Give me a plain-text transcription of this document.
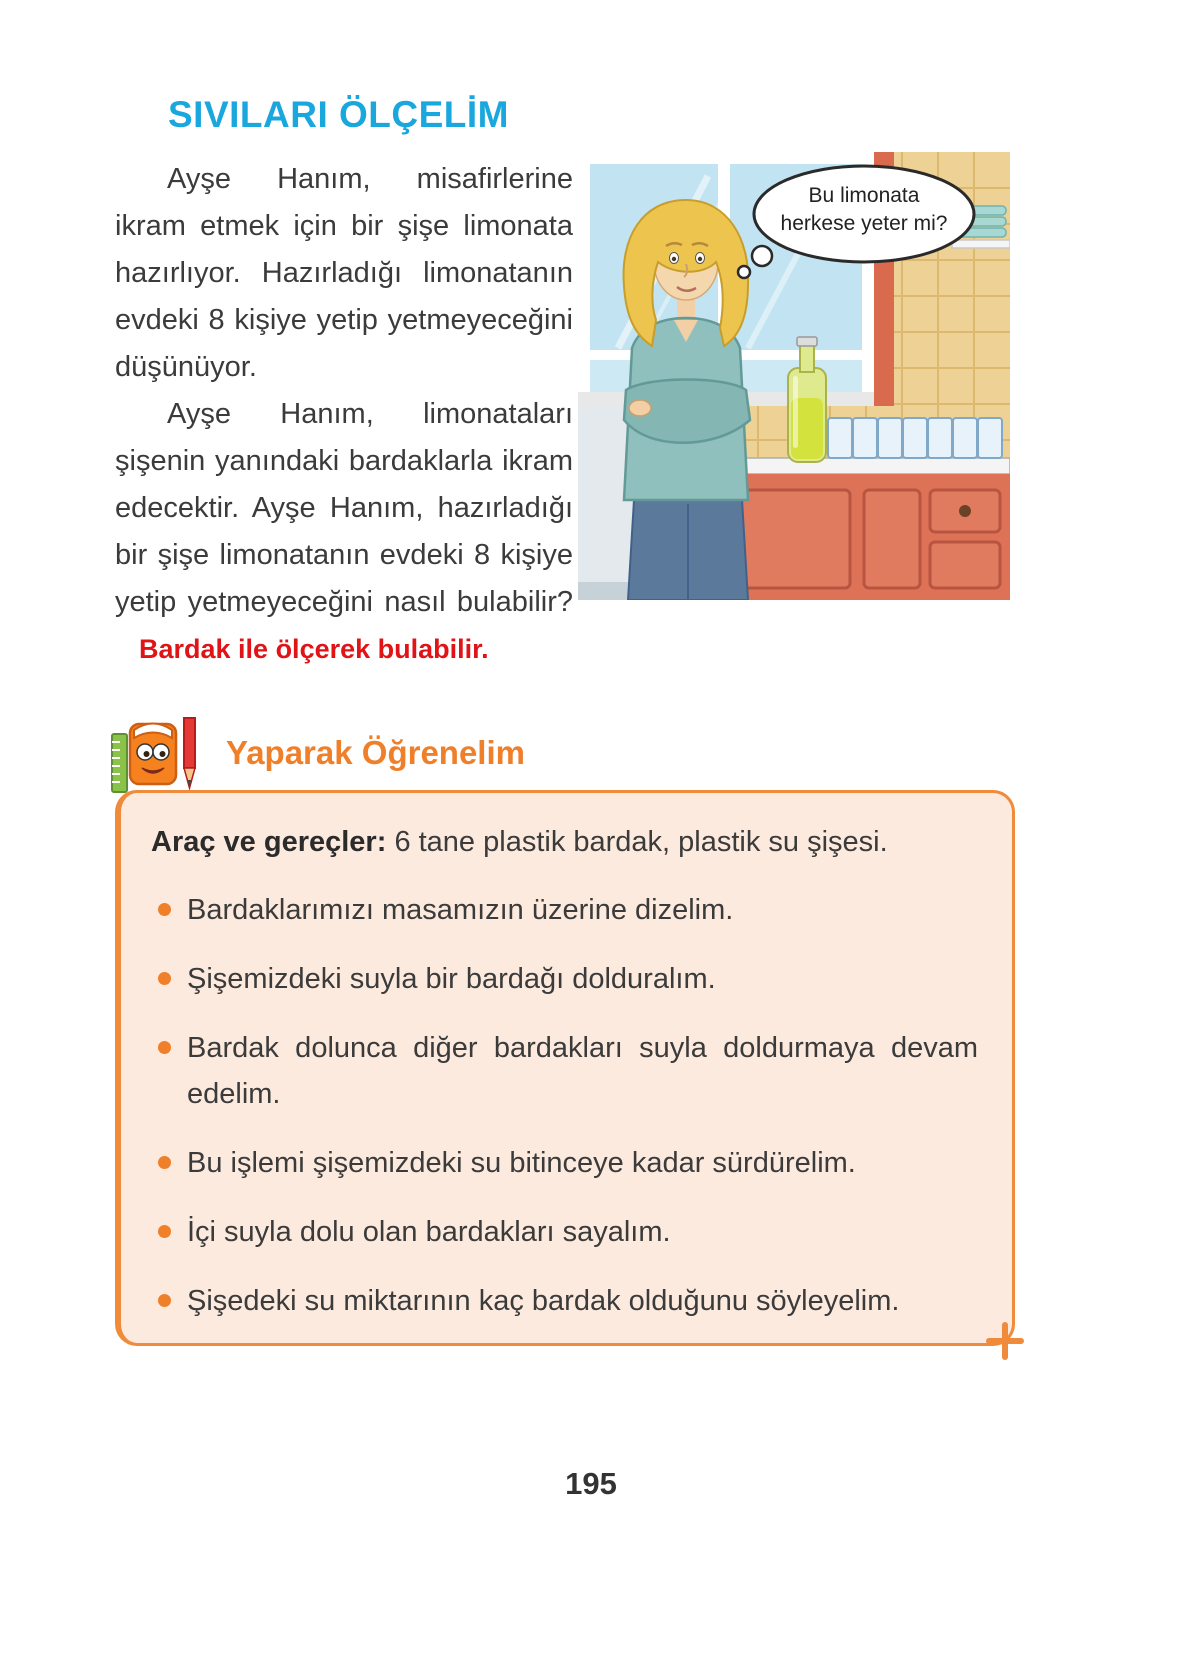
SIVILARI ÖLÇELİM

Ayşe Hanım, misafirlerine ikram etmek için bir şişe limonata hazırlıyor. Hazırladığı limonatanın evdeki 8 kişiye yetip yetmeyeceğini düşünüyor.

Ayşe Hanım, limonataları şişenin yanındaki bardaklarla ikram edecektir. Ayşe Hanım, hazırladığı bir şişe limonatanın evdeki 8 kişiye yetip yetmeyeceğini nasıl bulabilir?Bardak ile ölçerek bulabilir.

Bu limonata
herkese yeter mi?
Yaparak Öğrenelim

Araç ve gereçler: 6 tane plastik bardak, plastik su şişesi.

Bardaklarımızı masamızın üzerine dizelim.
Şişemizdeki suyla bir bardağı dolduralım.
Bardak dolunca diğer bardakları suyla doldurmaya devam edelim.
Bu işlemi şişemizdeki su bitinceye kadar sürdürelim.
İçi suyla dolu olan bardakları sayalım.
Şişedeki su miktarının kaç bardak olduğunu söyleyelim.
195
